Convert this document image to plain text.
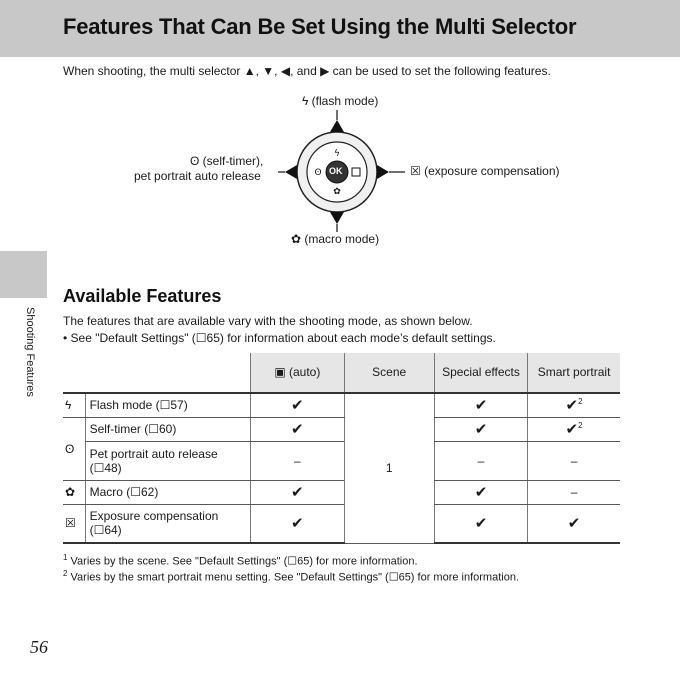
Features That Can Be Set Using the Multi Selector
When shooting, the multi selector ▲, ▼, ◀, and ▶ can be used to set the following features.
ϟ
✿
ʘ OK
ϟ (flash mode)
ʘ (self-timer),
pet portrait auto release	☒ (exposure compensation)
✿ (macro mode)
Shooting Features
Available Features
The features that are available vary with the shooting mode, as shown below.
• See "Default Settings" (☐65) for information about each mode’s default settings.
		▣ (auto)	Scene	Special effects	Smart portrait
ϟ	Flash mode (☐57)	✔	1	✔	✔$^2$
ʘ	Self-timer (☐60)	✔		✔	✔$^2$
	Pet portrait auto release (☐48)	–		–	–
✿	Macro (☐62)	✔		✔	–
☒	Exposure compensation (☐64)	✔		✔	✔
$^1$ Varies by the scene. See "Default Settings" (☐65) for more information.
$^2$ Varies by the smart portrait menu setting. See "Default Settings" (☐65) for more information.
56
